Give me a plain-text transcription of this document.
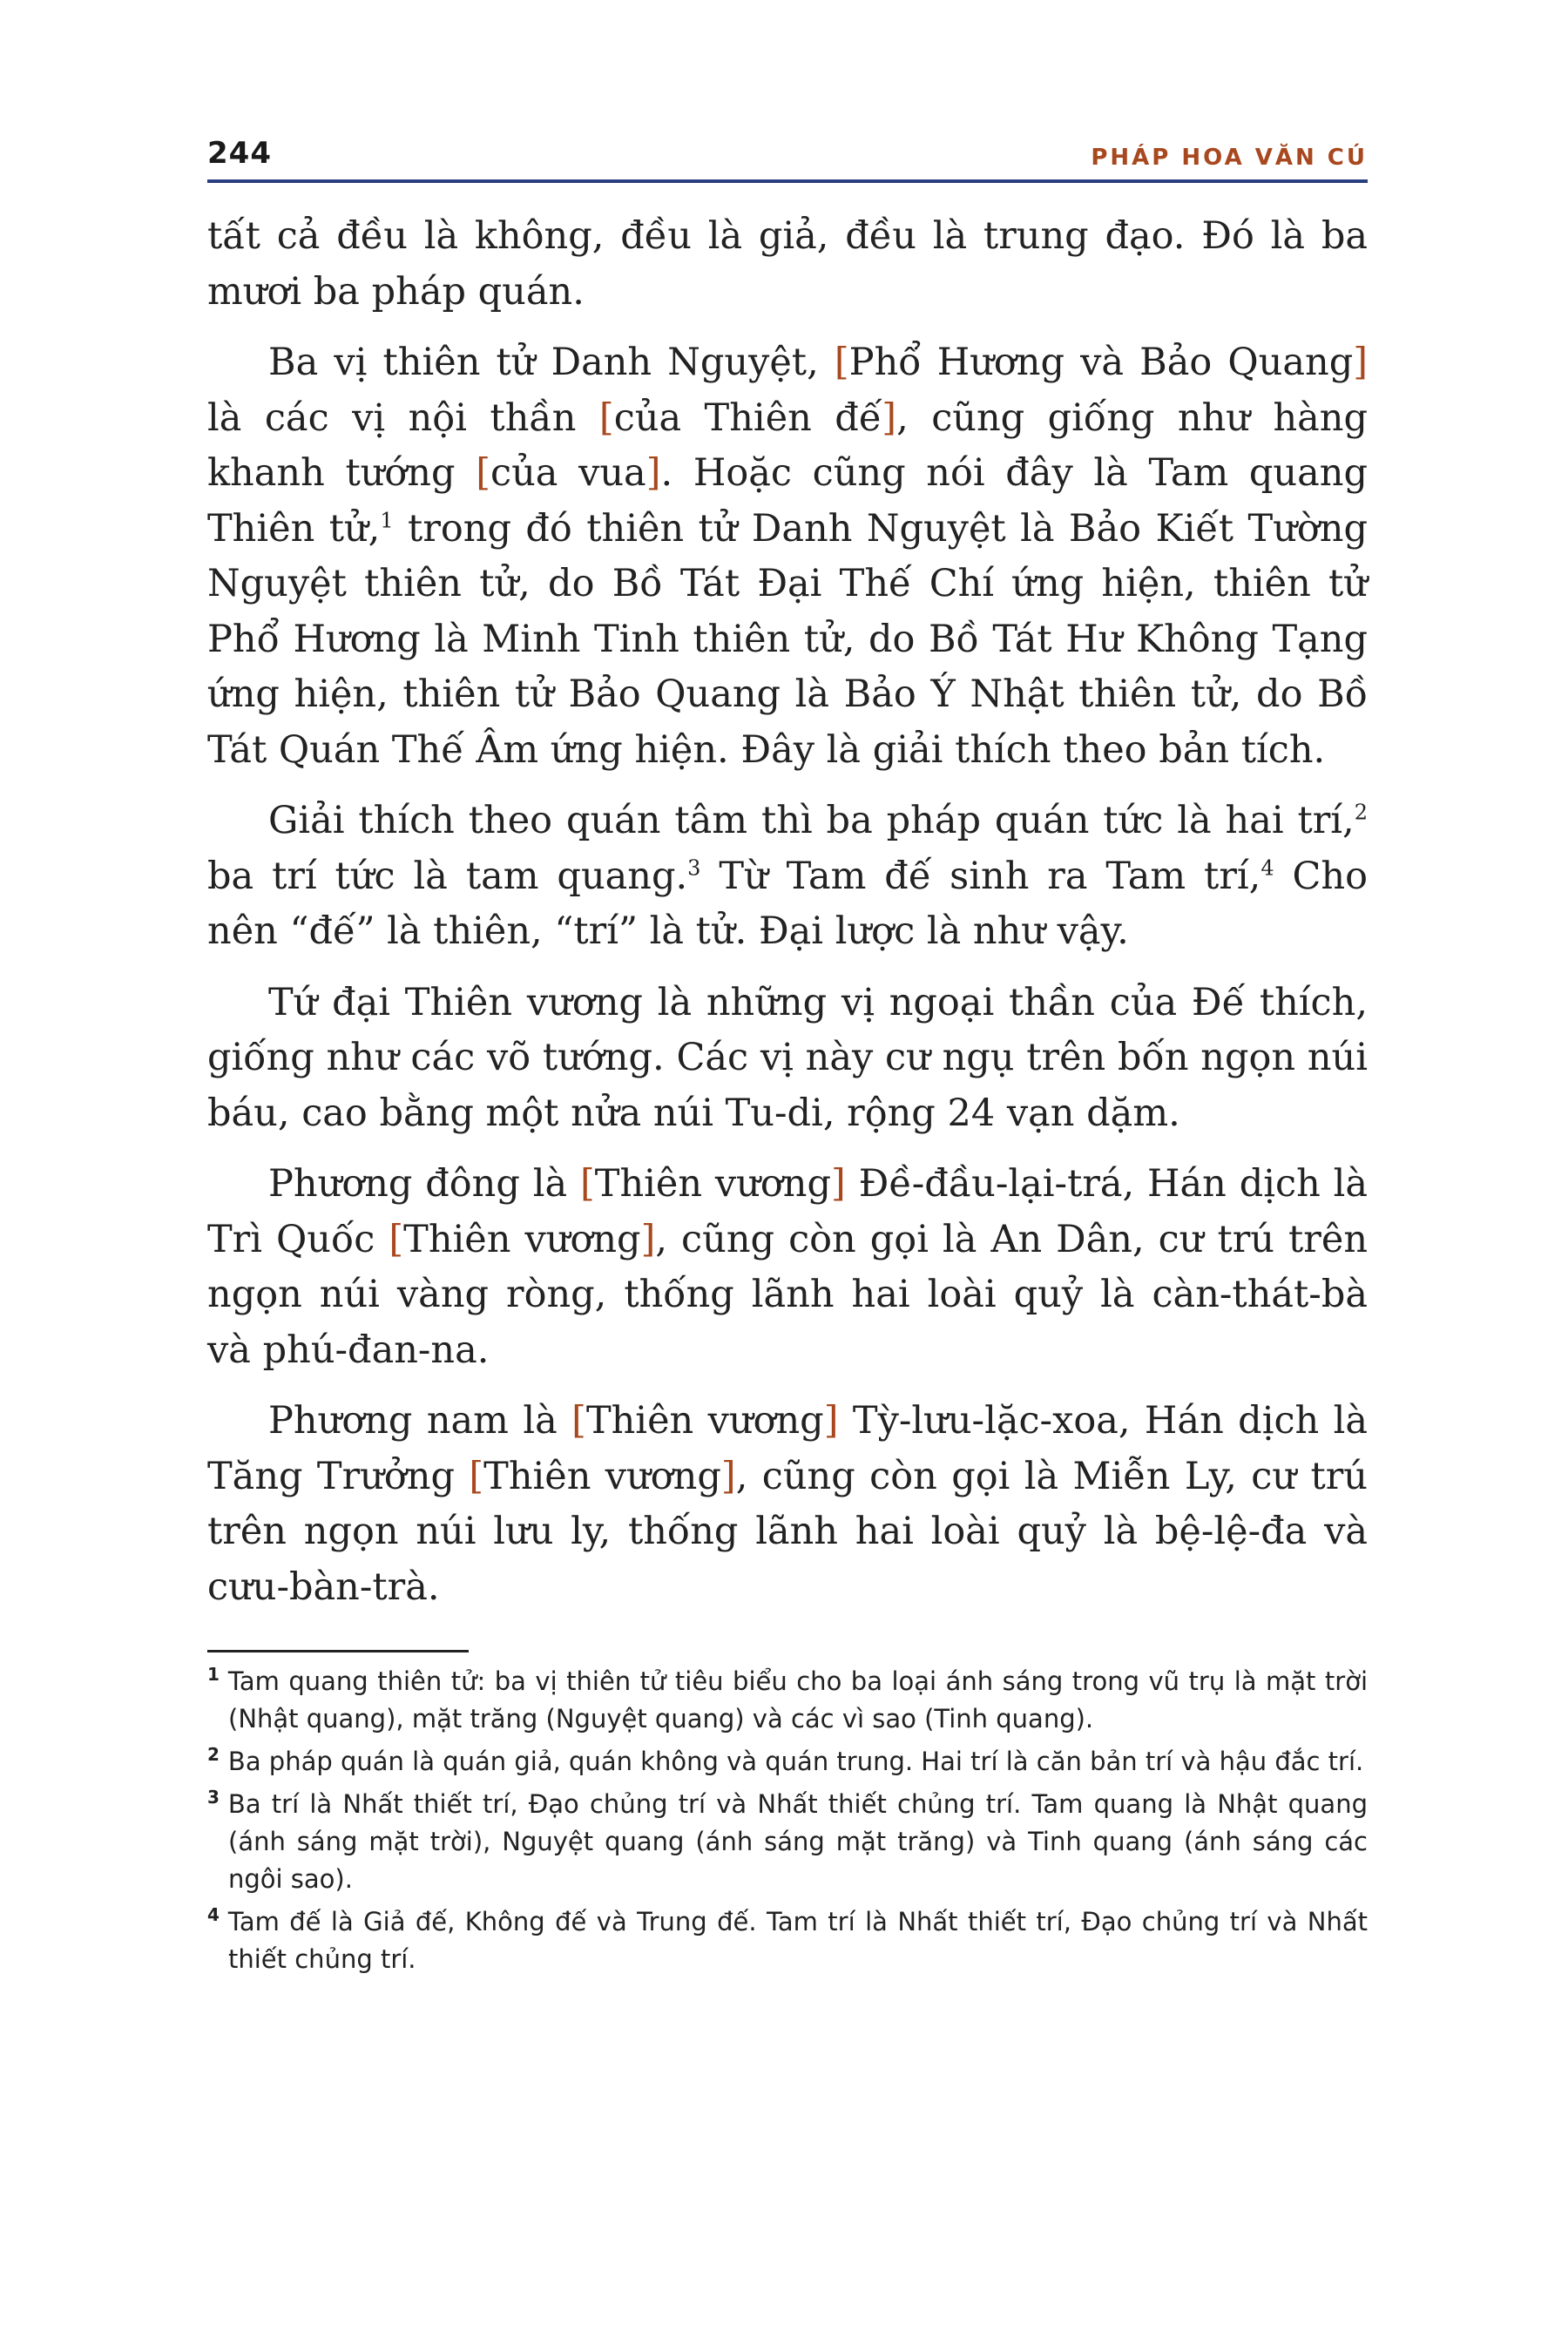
244	PHÁP HOA VĂN CÚ

tất cả đều là không, đều là giả, đều là trung đạo. Đó là ba mươi ba pháp quán.

Ba vị thiên tử Danh Nguyệt, [Phổ Hương và Bảo Quang] là các vị nội thần [của Thiên đế], cũng giống như hàng khanh tướng [của vua]. Hoặc cũng nói đây là Tam quang Thiên tử,$^1$ trong đó thiên tử Danh Nguyệt là Bảo Kiết Tường Nguyệt thiên tử, do Bồ Tát Đại Thế Chí ứng hiện, thiên tử Phổ Hương là Minh Tinh thiên tử, do Bồ Tát Hư Không Tạng ứng hiện, thiên tử Bảo Quang là Bảo Ý Nhật thiên tử, do Bồ Tát Quán Thế Âm ứng hiện. Đây là giải thích theo bản tích.

Giải thích theo quán tâm thì ba pháp quán tức là hai trí,$^2$ ba trí tức là tam quang.$^3$ Từ Tam đế sinh ra Tam trí,$^4$ Cho nên “đế” là thiên, “trí” là tử. Đại lược là như vậy.

Tứ đại Thiên vương là những vị ngoại thần của Đế thích, giống như các võ tướng. Các vị này cư ngụ trên bốn ngọn núi báu, cao bằng một nửa núi Tu-di, rộng 24 vạn dặm.

Phương đông là [Thiên vương] Đề-đầu-lại-trá, Hán dịch là Trì Quốc [Thiên vương], cũng còn gọi là An Dân, cư trú trên ngọn núi vàng ròng, thống lãnh hai loài quỷ là càn-thát-bà và phú-đan-na.

Phương nam là [Thiên vương] Tỳ-lưu-lặc-xoa, Hán dịch là Tăng Trưởng [Thiên vương], cũng còn gọi là Miễn Ly, cư trú trên ngọn núi lưu ly, thống lãnh hai loài quỷ là bệ-lệ-đa và cưu-bàn-trà.

$^1$ Tam quang thiên tử: ba vị thiên tử tiêu biểu cho ba loại ánh sáng trong vũ trụ là mặt trời (Nhật quang), mặt trăng (Nguyệt quang) và các vì sao (Tinh quang).

$^2$ Ba pháp quán là quán giả, quán không và quán trung. Hai trí là căn bản trí và hậu đắc trí.

$^3$ Ba trí là Nhất thiết trí, Đạo chủng trí và Nhất thiết chủng trí. Tam quang là Nhật quang (ánh sáng mặt trời), Nguyệt quang (ánh sáng mặt trăng) và Tinh quang (ánh sáng các ngôi sao).

$^4$ Tam đế là Giả đế, Không đế và Trung đế. Tam trí là Nhất thiết trí, Đạo chủng trí và Nhất thiết chủng trí.
